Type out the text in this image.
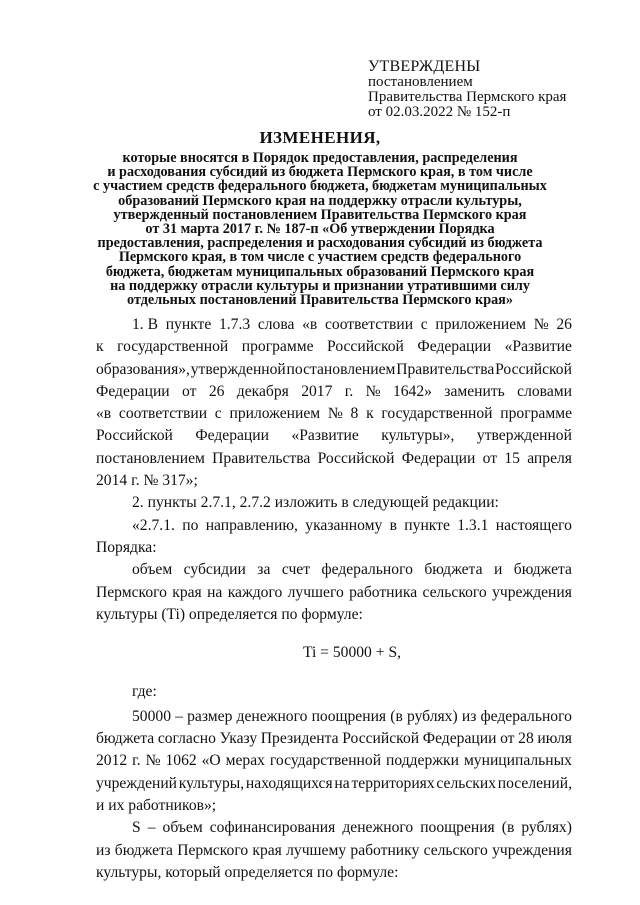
УТВЕРЖДЕНЫ
постановлением
Правительства Пермского края
от 02.03.2022 № 152-п
ИЗМЕНЕНИЯ,
которые вносятся в Порядок предоставления, распределения
и расходования субсидий из бюджета Пермского края, в том числе
с участием средств федерального бюджета, бюджетам муниципальных
образований Пермского края на поддержку отрасли культуры,
утвержденный постановлением Правительства Пермского края
от 31 марта 2017 г. № 187-п «Об утверждении Порядка
предоставления, распределения и расходования субсидий из бюджета
Пермского края, в том числе с участием средств федерального
бюджета, бюджетам муниципальных образований Пермского края
на поддержку отрасли культуры и признании утратившими силу
отдельных постановлений Правительства Пермского края»
1. В пункте 1.7.3 слова «в соответствии с приложением № 26
к государственной программе Российской Федерации «Развитие
образования», утвержденной постановлением Правительства Российской
Федерации от 26 декабря 2017 г. № 1642» заменить словами
«в соответствии с приложением № 8 к государственной программе
Российской Федерации «Развитие культуры», утвержденной
постановлением Правительства Российской Федерации от 15 апреля
2014 г. № 317»;
2. пункты 2.7.1, 2.7.2 изложить в следующей редакции:
«2.7.1. по направлению, указанному в пункте 1.3.1 настоящего
Порядка:
объем субсидии за счет федерального бюджета и бюджета
Пермского края на каждого лучшего работника сельского учреждения
культуры (Ti) определяется по формуле:
Ti = 50000 + S,
где:
50000 – размер денежного поощрения (в рублях) из федерального
бюджета согласно Указу Президента Российской Федерации от 28 июля
2012 г. № 1062 «О мерах государственной поддержки муниципальных
учреждений культуры, находящихся на территориях сельских поселений,
и их работников»;
S – объем софинансирования денежного поощрения (в рублях)
из бюджета Пермского края лучшему работнику сельского учреждения
культуры, который определяется по формуле:
